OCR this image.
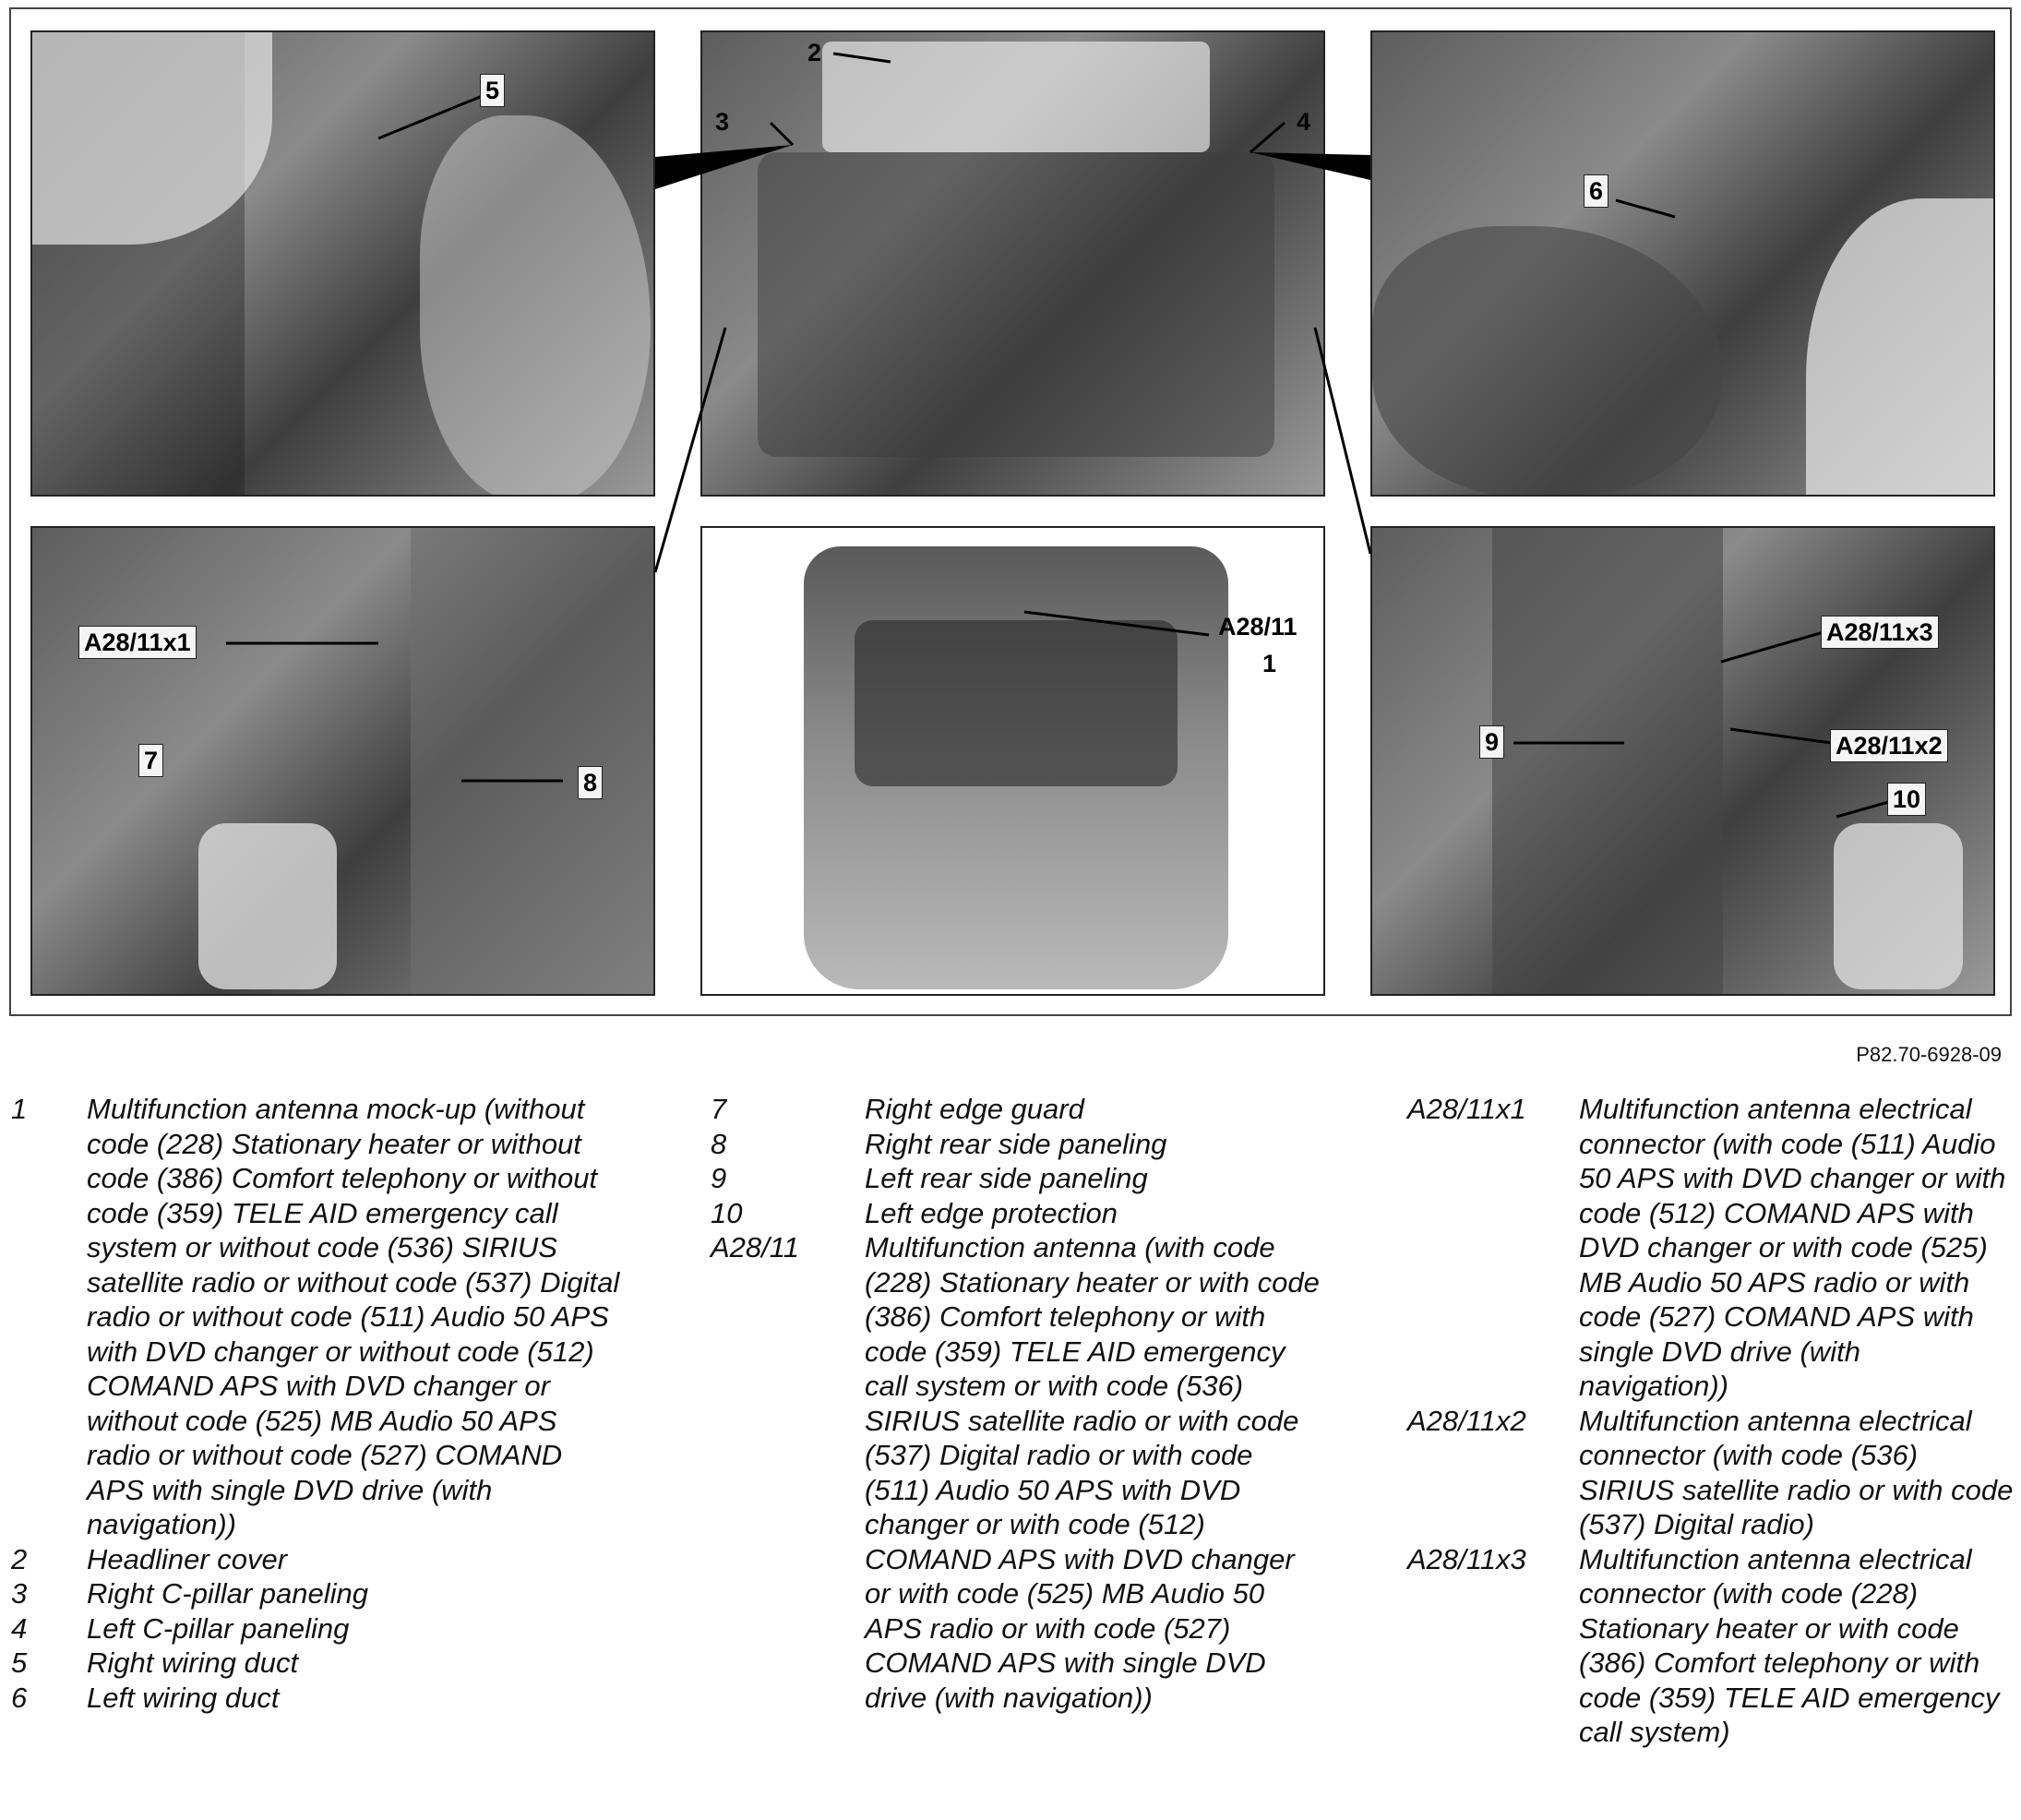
2
3	4
5
6
A28/11
1
A28/11x1
7
8
A28/11x3
9	A28/11x2
10
P82.70-6928-09
1	Multifunction antenna mock-up (without code (228) Stationary heater or without code (386) Comfort telephony or without code (359) TELE AID emergency call system or without code (536) SIRIUS satellite radio or without code (537) Digital radio or without code (511) Audio 50 APS with DVD changer or without code (512) COMAND APS with DVD changer or without code (525) MB Audio 50 APS radio or without code (527) COMAND APS with single DVD drive (with navigation))
2	Headliner cover
3	Right C-pillar paneling
4	Left C-pillar paneling
5	Right wiring duct
6	Left wiring duct
7	Right edge guard
8	Right rear side paneling
9	Left rear side paneling
10	Left edge protection
A28/11	Multifunction antenna (with code (228) Stationary heater or with code (386) Comfort telephony or with code (359) TELE AID emergency call system or with code (536) SIRIUS satellite radio or with code (537) Digital radio or with code (511) Audio 50 APS with DVD changer or with code (512) COMAND APS with DVD changer or with code (525) MB Audio 50 APS radio or with code (527) COMAND APS with single DVD drive (with navigation))
A28/11x1	Multifunction antenna electrical connector (with code (511) Audio 50 APS with DVD changer or with code (512) COMAND APS with DVD changer or with code (525) MB Audio 50 APS radio or with code (527) COMAND APS with single DVD drive (with navigation))
A28/11x2	Multifunction antenna electrical connector (with code (536) SIRIUS satellite radio or with code (537) Digital radio)
A28/11x3	Multifunction antenna electrical connector (with code (228) Stationary heater or with code (386) Comfort telephony or with code (359) TELE AID emergency call system)
